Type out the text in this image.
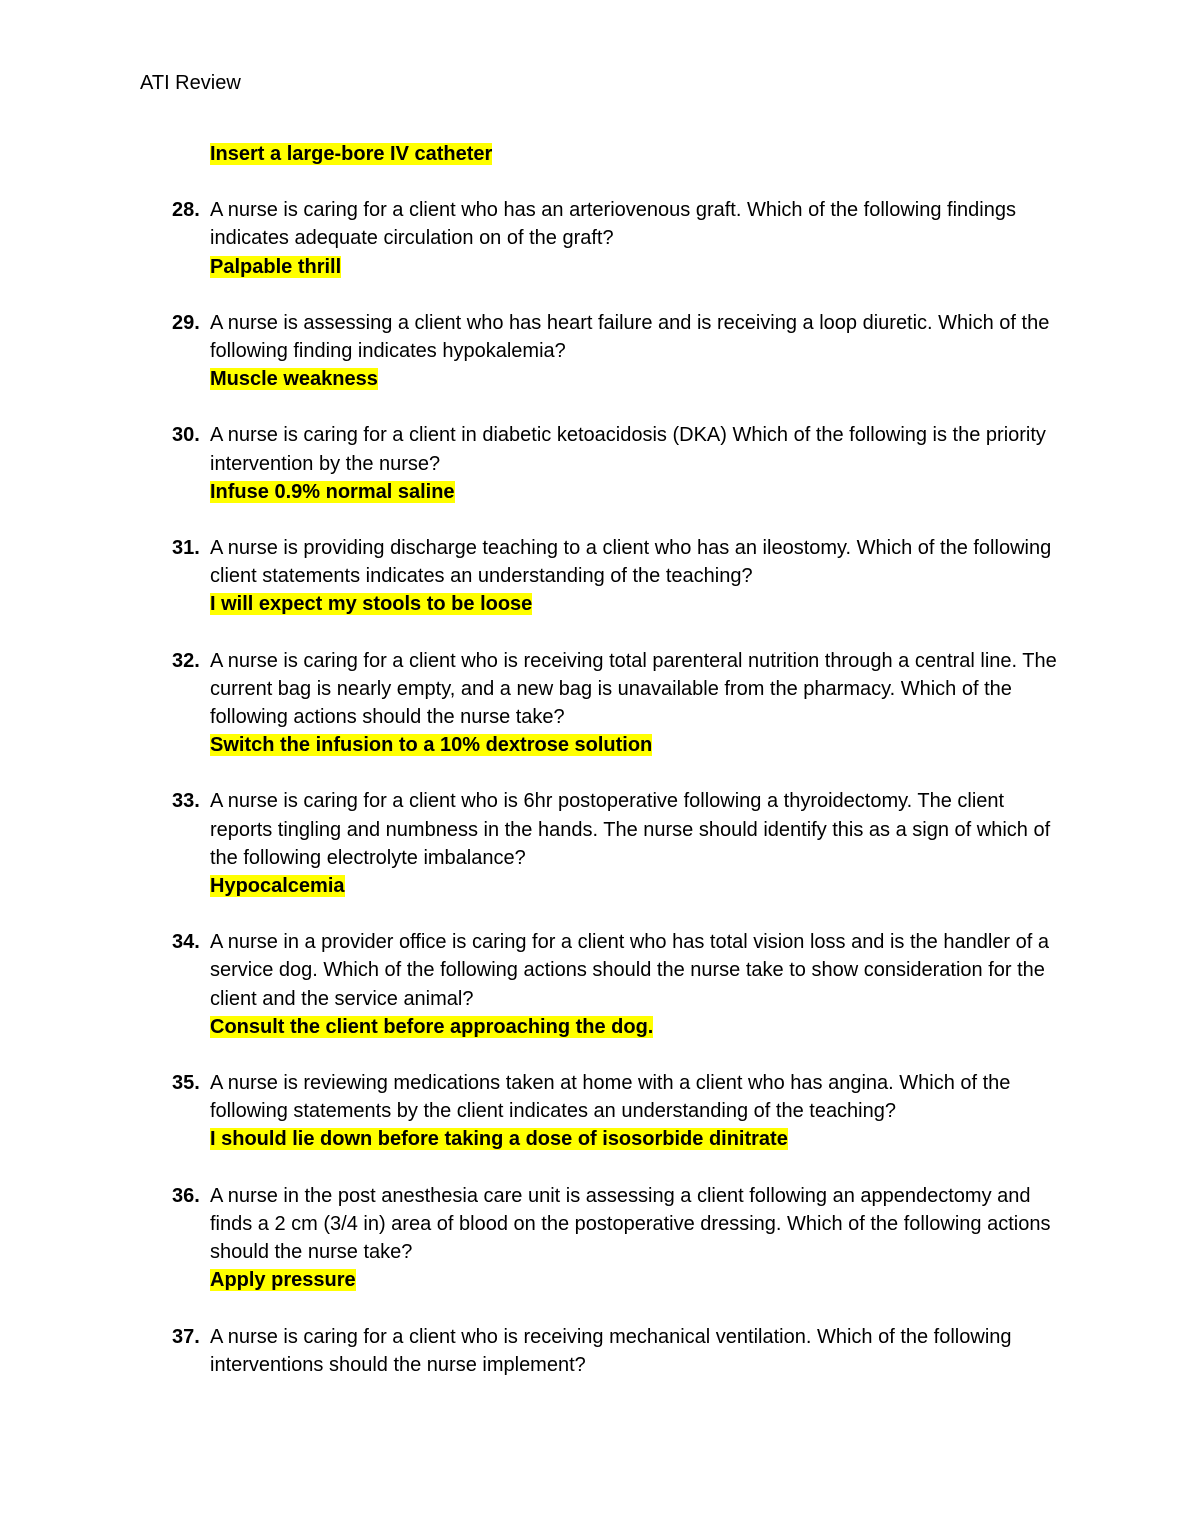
ATI Review
Insert a large-bore IV catheter
28. A nurse is caring for a client who has an arteriovenous graft. Which of the following findings indicates adequate circulation on of the graft?
Palpable thrill
29. A nurse is assessing a client who has heart failure and is receiving a loop diuretic. Which of the following finding indicates hypokalemia?
Muscle weakness
30. A nurse is caring for a client in diabetic ketoacidosis (DKA) Which of the following is the priority intervention by the nurse?
Infuse 0.9% normal saline
31. A nurse is providing discharge teaching to a client who has an ileostomy. Which of the following client statements indicates an understanding of the teaching?
I will expect my stools to be loose
32. A nurse is caring for a client who is receiving total parenteral nutrition through a central line. The current bag is nearly empty, and a new bag is unavailable from the pharmacy. Which of the following actions should the nurse take?
Switch the infusion to a 10% dextrose solution
33. A nurse is caring for a client who is 6hr postoperative following a thyroidectomy. The client reports tingling and numbness in the hands. The nurse should identify this as a sign of which of the following electrolyte imbalance?
Hypocalcemia
34. A nurse in a provider office is caring for a client who has total vision loss and is the handler of a service dog. Which of the following actions should the nurse take to show consideration for the client and the service animal?
Consult the client before approaching the dog.
35. A nurse is reviewing medications taken at home with a client who has angina. Which of the following statements by the client indicates an understanding of the teaching?
I should lie down before taking a dose of isosorbide dinitrate
36. A nurse in the post anesthesia care unit is assessing a client following an appendectomy and finds a 2 cm (3/4 in) area of blood on the postoperative dressing. Which of the following actions should the nurse take?
Apply pressure
37. A nurse is caring for a client who is receiving mechanical ventilation. Which of the following interventions should the nurse implement?
